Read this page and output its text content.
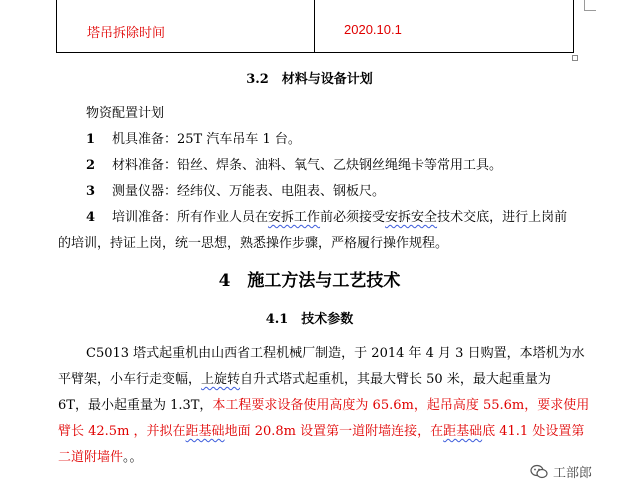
塔吊拆除时间	2020.10.1
3.2　材料与设备计划
物资配置计划
1 机具准备：25T 汽车吊车 1 台。
2 材料准备：铅丝、焊条、油料、氧气、乙炔钢丝绳绳卡等常用工具。
3 测量仪器：经纬仪、万能表、电阻表、钢板尺。
4 培训准备：所有作业人员在安拆工作前必须接受安拆安全技术交底，进行上岗前
的培训，持证上岗，统一思想，熟悉操作步骤，严格履行操作规程。
4　施工方法与工艺技术
4.1　技术参数
C5013 塔式起重机由山西省工程机械厂制造，于 2014 年 4 月 3 日购置，本塔机为水
平臂架，小车行走变幅，上旋转自升式塔式起重机，其最大臂长 50 米，最大起重量为
6T，最小起重量为 1.3T，本工程要求设备使用高度为 65.6m，起吊高度 55.6m，要求使用
臂长 42.5m ，并拟在距基础地面 20.8m 设置第一道附墙连接，在距基础底 41.1 处设置第
二道附墙件。。
工部郎
